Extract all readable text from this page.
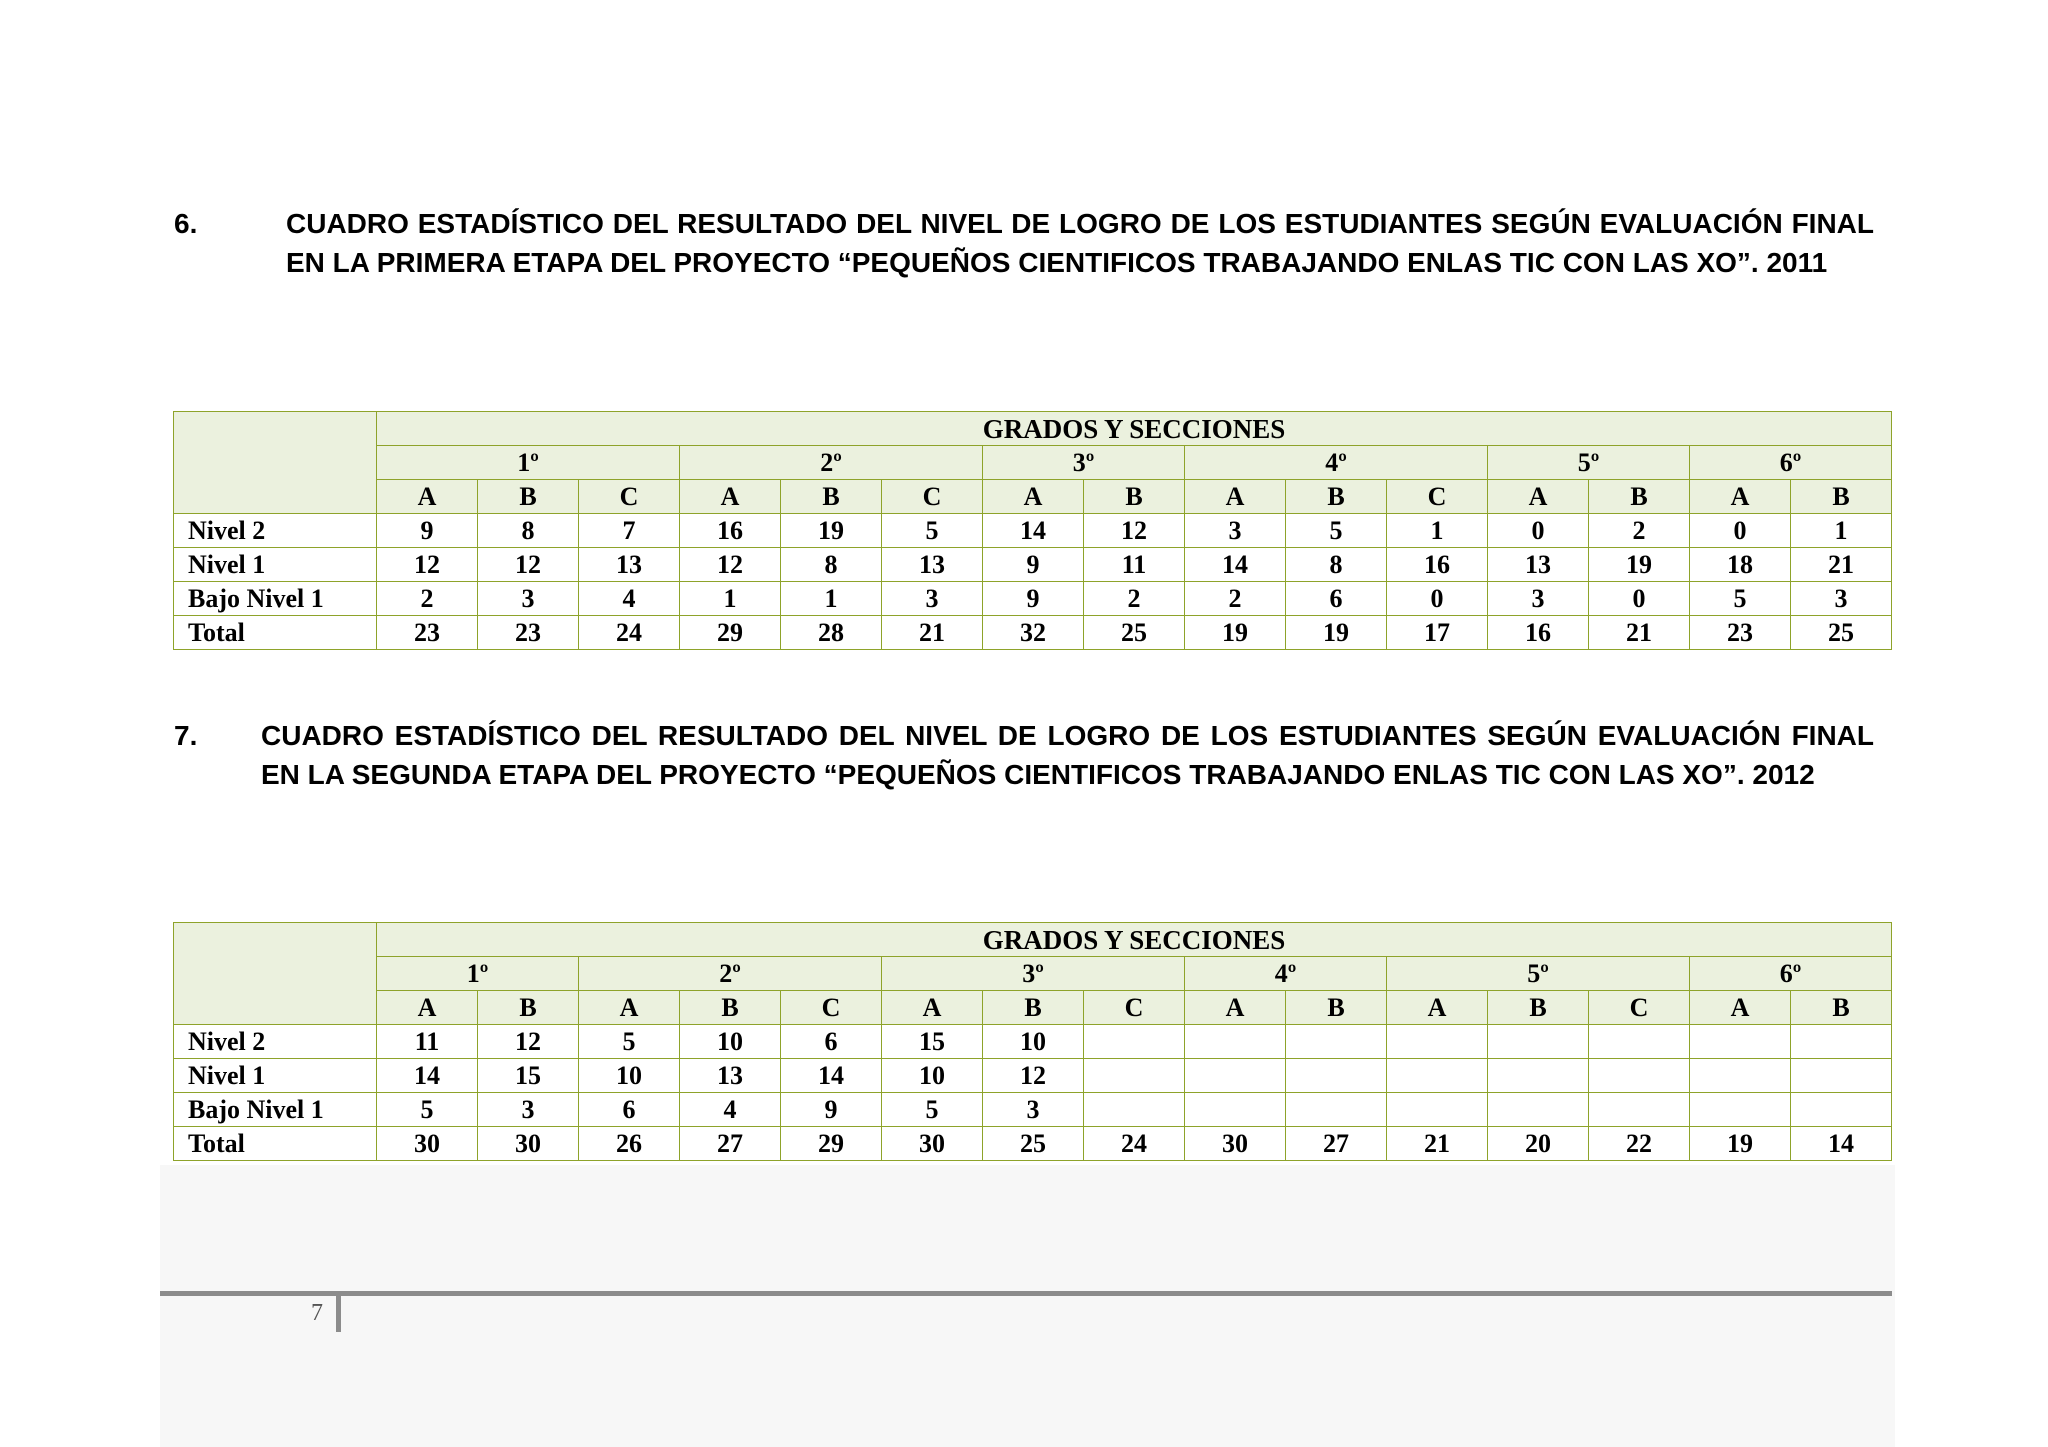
6.	CUADRO ESTADÍSTICO DEL RESULTADO DEL NIVEL DE LOGRO DE LOS ESTUDIANTES SEGÚN EVALUACIÓN FINAL EN LA PRIMERA ETAPA DEL PROYECTO “PEQUEÑOS CIENTIFICOS TRABAJANDO ENLAS TIC CON LAS XO”. 2011
	GRADOS Y SECCIONES														
	1º			2º			3º		4º			5º		6º	
	A	B	C	A	B	C	A	B	A	B	C	A	B	A	B
Nivel 2	9	8	7	16	19	5	14	12	3	5	1	0	2	0	1
Nivel 1	12	12	13	12	8	13	9	11	14	8	16	13	19	18	21
Bajo Nivel 1	2	3	4	1	1	3	9	2	2	6	0	3	0	5	3
Total	23	23	24	29	28	21	32	25	19	19	17	16	21	23	25
7. CUADRO ESTADÍSTICO DEL RESULTADO DEL NIVEL DE LOGRO DE LOS ESTUDIANTES SEGÚN EVALUACIÓN FINAL EN LA SEGUNDA ETAPA DEL PROYECTO “PEQUEÑOS CIENTIFICOS TRABAJANDO ENLAS TIC CON LAS XO”. 2012
	GRADOS Y SECCIONES														
	1º		2º			3º			4º		5º			6º	
	A	B	A	B	C	A	B	C	A	B	A	B	C	A	B
Nivel 2	11	12	5	10	6	15	10								
Nivel 1	14	15	10	13	14	10	12								
Bajo Nivel 1	5	3	6	4	9	5	3								
Total	30	30	26	27	29	30	25	24	30	27	21	20	22	19	14
7
